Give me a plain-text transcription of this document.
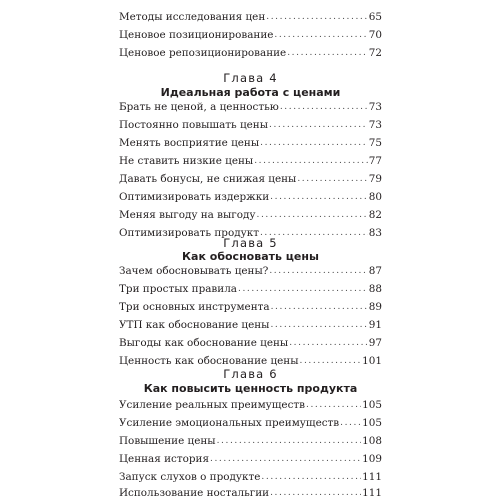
Методы исследования цен .....	65
Ценовое позиционирование .....	70
Ценовое репозиционирование .....	72
Глава 4
Идеальная работа с ценами
Брать не ценой, а ценностью .....	73
Постоянно повышать цены .....	73
Менять восприятие цены .....	75
Не ставить низкие цены .....	77
Давать бонусы, не снижая цены .....	79
Оптимизировать издержки .....	80
Меняя выгоду на выгоду .....	82
Оптимизировать продукт .....	83
Глава 5
Как обосновать цены
Зачем обосновывать цены? .....	87
Три простых правила .....	88
Три основных инструмента .....	89
УТП как обоснование цены .....	91
Выгоды как обоснование цены .....	97
Ценность как обоснование цены .....	101
Глава 6
Как повысить ценность продукта
Усиление реальных преимуществ .....	105
Усиление эмоциональных преимуществ ..... 105
Повышение цены .....	108
Ценная история .....	109
Запуск слухов о продукте .....	111
Использование ностальгии .....	111
